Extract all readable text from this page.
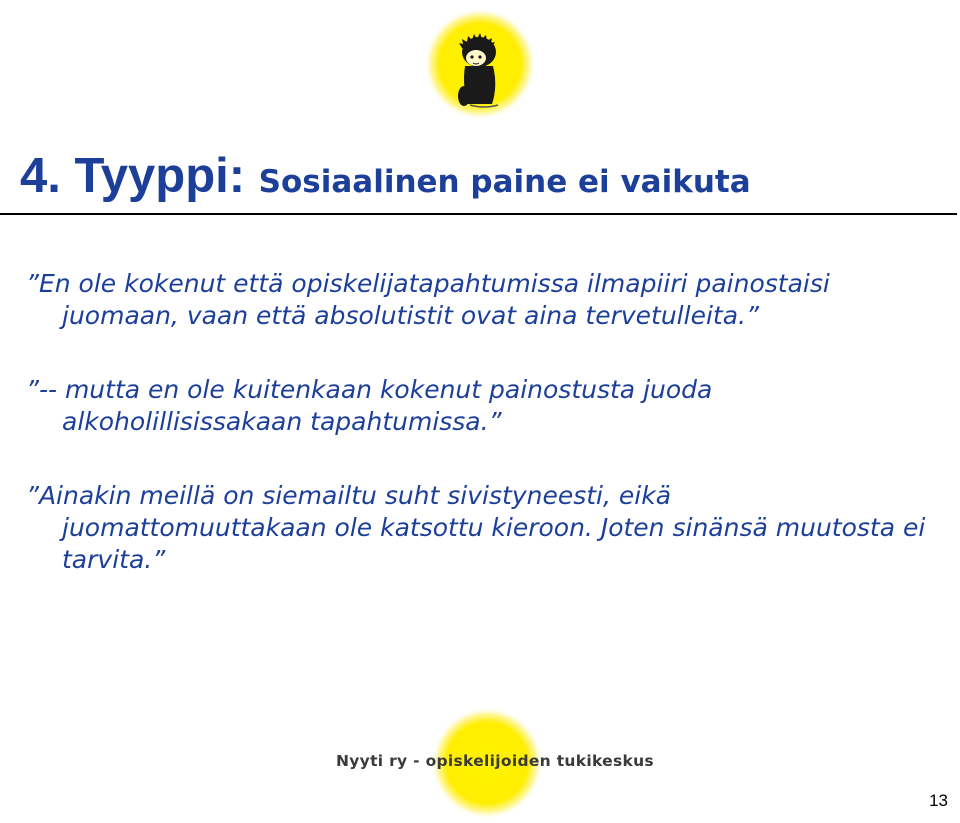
4. Tyyppi: Sosiaalinen paine ei vaikuta

”En ole kokenut että opiskelijatapahtumissa ilmapiiri painostaisi juomaan, vaan että absolutistit ovat aina tervetulleita.”

”-- mutta en ole kuitenkaan kokenut painostusta juoda alkoholillisissakaan tapahtumissa.”

”Ainakin meillä on siemailtu suht sivistyneesti, eikä juomattomuuttakaan ole katsottu kieroon. Joten sinänsä muutosta ei tarvita.”

Nyyti ry - opiskelijoiden tukikeskus
13
